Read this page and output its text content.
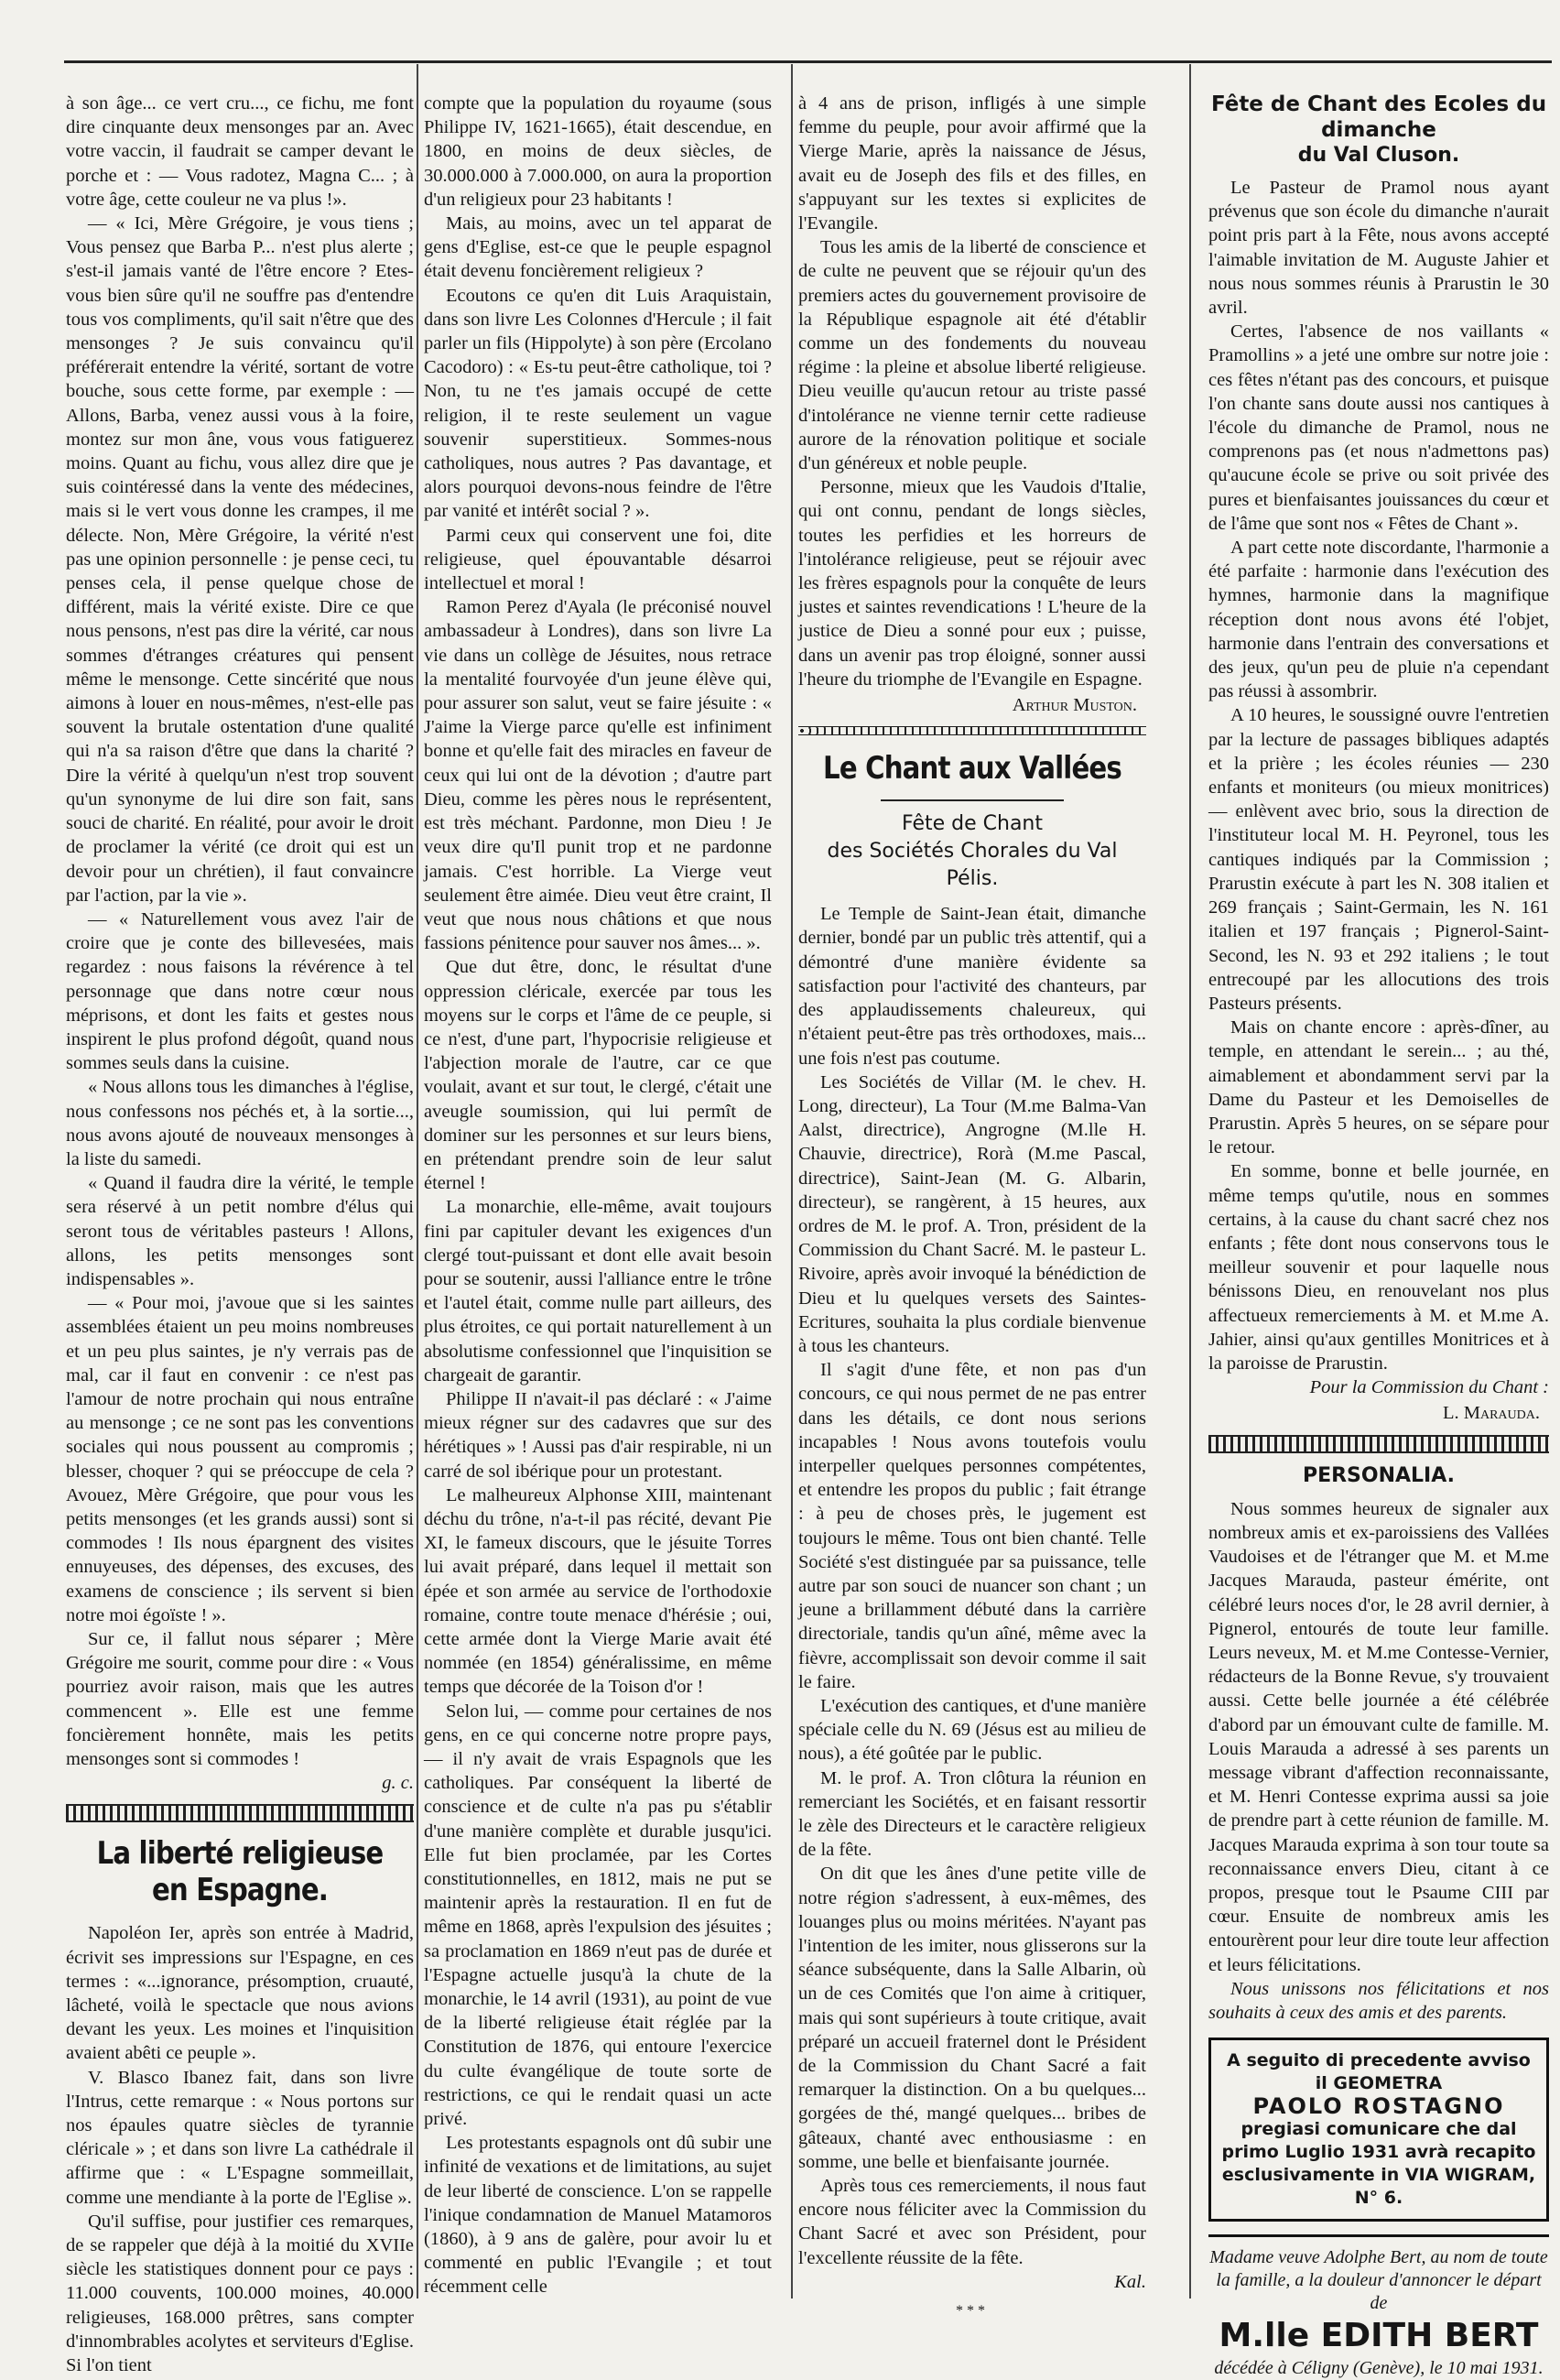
à son âge... ce vert cru..., ce fichu, me font dire cinquante deux mensonges par an. Avec votre vaccin, il faudrait se camper devant le porche et : — Vous radotez, Magna C... ; à votre âge, cette couleur ne va plus !».

— « Ici, Mère Grégoire, je vous tiens ; Vous pensez que Barba P... n'est plus alerte ; s'est-il jamais vanté de l'être encore ? Etes-vous bien sûre qu'il ne souffre pas d'entendre tous vos compliments, qu'il sait n'être que des mensonges ? Je suis convaincu qu'il préférerait entendre la vérité, sortant de votre bouche, sous cette forme, par exemple : — Allons, Barba, venez aussi vous à la foire, montez sur mon âne, vous vous fatiguerez moins. Quant au fichu, vous allez dire que je suis cointéressé dans la vente des médecines, mais si le vert vous donne les crampes, il me délecte. Non, Mère Grégoire, la vérité n'est pas une opinion personnelle : je pense ceci, tu penses cela, il pense quelque chose de différent, mais la vérité existe. Dire ce que nous pensons, n'est pas dire la vérité, car nous sommes d'étranges créatures qui pensent même le mensonge. Cette sincérité que nous aimons à louer en nous-mêmes, n'est-elle pas souvent la brutale ostentation d'une qualité qui n'a sa raison d'être que dans la charité ? Dire la vérité à quelqu'un n'est trop souvent qu'un synonyme de lui dire son fait, sans souci de charité. En réalité, pour avoir le droit de proclamer la vérité (ce droit qui est un devoir pour un chrétien), il faut convaincre par l'action, par la vie ».

— « Naturellement vous avez l'air de croire que je conte des billevesées, mais regardez : nous faisons la révérence à tel personnage que dans notre cœur nous méprisons, et dont les faits et gestes nous inspirent le plus profond dégoût, quand nous sommes seuls dans la cuisine.

« Nous allons tous les dimanches à l'église, nous confessons nos péchés et, à la sortie..., nous avons ajouté de nouveaux mensonges à la liste du samedi.

« Quand il faudra dire la vérité, le temple sera réservé à un petit nombre d'élus qui seront tous de véritables pasteurs ! Allons, allons, les petits mensonges sont indispensables ».

— « Pour moi, j'avoue que si les saintes assemblées étaient un peu moins nombreuses et un peu plus saintes, je n'y verrais pas de mal, car il faut en convenir : ce n'est pas l'amour de notre prochain qui nous entraîne au mensonge ; ce ne sont pas les conventions sociales qui nous poussent au compromis ; blesser, choquer ? qui se préoccupe de cela ? Avouez, Mère Grégoire, que pour vous les petits mensonges (et les grands aussi) sont si commodes ! Ils nous épargnent des visites ennuyeuses, des dépenses, des excuses, des examens de conscience ; ils servent si bien notre moi égoïste ! ».

Sur ce, il fallut nous séparer ; Mère Grégoire me sourit, comme pour dire : « Vous pourriez avoir raison, mais que les autres commencent ». Elle est une femme foncièrement honnête, mais les petits mensonges sont si commodes !

g. c.

La liberté religieuse en Espagne.

Napoléon Ier, après son entrée à Madrid, écrivit ses impressions sur l'Espagne, en ces termes : «...ignorance, présomption, cruauté, lâcheté, voilà le spectacle que nous avions devant les yeux. Les moines et l'inquisition avaient abêti ce peuple ».

V. Blasco Ibanez fait, dans son livre l'Intrus, cette remarque : « Nous portons sur nos épaules quatre siècles de tyrannie cléricale » ; et dans son livre La cathédrale il affirme que : « L'Espagne sommeillait, comme une mendiante à la porte de l'Eglise ».

Qu'il suffise, pour justifier ces remarques, de se rappeler que déjà à la moitié du XVIIe siècle les statistiques donnent pour ce pays : 11.000 couvents, 100.000 moines, 40.000 religieuses, 168.000 prêtres, sans compter d'innombrables acolytes et serviteurs d'Eglise. Si l'on tient

compte que la population du royaume (sous Philippe IV, 1621-1665), était descendue, en 1800, en moins de deux siècles, de 30.000.000 à 7.000.000, on aura la proportion d'un religieux pour 23 habitants !

Mais, au moins, avec un tel apparat de gens d'Eglise, est-ce que le peuple espagnol était devenu foncièrement religieux ?

Ecoutons ce qu'en dit Luis Araquistain, dans son livre Les Colonnes d'Hercule ; il fait parler un fils (Hippolyte) à son père (Ercolano Cacodoro) : « Es-tu peut-être catholique, toi ? Non, tu ne t'es jamais occupé de cette religion, il te reste seulement un vague souvenir superstitieux. Sommes-nous catholiques, nous autres ? Pas davantage, et alors pourquoi devons-nous feindre de l'être par vanité et intérêt social ? ».

Parmi ceux qui conservent une foi, dite religieuse, quel épouvantable désarroi intellectuel et moral !

Ramon Perez d'Ayala (le préconisé nouvel ambassadeur à Londres), dans son livre La vie dans un collège de Jésuites, nous retrace la mentalité fourvoyée d'un jeune élève qui, pour assurer son salut, veut se faire jésuite : « J'aime la Vierge parce qu'elle est infiniment bonne et qu'elle fait des miracles en faveur de ceux qui lui ont de la dévotion ; d'autre part Dieu, comme les pères nous le représentent, est très méchant. Pardonne, mon Dieu ! Je veux dire qu'Il punit trop et ne pardonne jamais. C'est horrible. La Vierge veut seulement être aimée. Dieu veut être craint, Il veut que nous nous châtions et que nous fassions pénitence pour sauver nos âmes... ».

Que dut être, donc, le résultat d'une oppression cléricale, exercée par tous les moyens sur le corps et l'âme de ce peuple, si ce n'est, d'une part, l'hypocrisie religieuse et l'abjection morale de l'autre, car ce que voulait, avant et sur tout, le clergé, c'était une aveugle soumission, qui lui permît de dominer sur les personnes et sur leurs biens, en prétendant prendre soin de leur salut éternel !

La monarchie, elle-même, avait toujours fini par capituler devant les exigences d'un clergé tout-puissant et dont elle avait besoin pour se soutenir, aussi l'alliance entre le trône et l'autel était, comme nulle part ailleurs, des plus étroites, ce qui portait naturellement à un absolutisme confessionnel que l'inquisition se chargeait de garantir.

Philippe II n'avait-il pas déclaré : « J'aime mieux régner sur des cadavres que sur des hérétiques » ! Aussi pas d'air respirable, ni un carré de sol ibérique pour un protestant.

Le malheureux Alphonse XIII, maintenant déchu du trône, n'a-t-il pas récité, devant Pie XI, le fameux discours, que le jésuite Torres lui avait préparé, dans lequel il mettait son épée et son armée au service de l'orthodoxie romaine, contre toute menace d'hérésie ; oui, cette armée dont la Vierge Marie avait été nommée (en 1854) généralissime, en même temps que décorée de la Toison d'or !

Selon lui, — comme pour certaines de nos gens, en ce qui concerne notre propre pays, — il n'y avait de vrais Espagnols que les catholiques. Par conséquent la liberté de conscience et de culte n'a pas pu s'établir d'une manière complète et durable jusqu'ici. Elle fut bien proclamée, par les Cortes constitutionnelles, en 1812, mais ne put se maintenir après la restauration. Il en fut de même en 1868, après l'expulsion des jésuites ; sa proclamation en 1869 n'eut pas de durée et l'Espagne actuelle jusqu'à la chute de la monarchie, le 14 avril (1931), au point de vue de la liberté religieuse était réglée par la Constitution de 1876, qui entoure l'exercice du culte évangélique de toute sorte de restrictions, ce qui le rendait quasi un acte privé.

Les protestants espagnols ont dû subir une infinité de vexations et de limitations, au sujet de leur liberté de conscience. L'on se rappelle l'inique condamnation de Manuel Matamoros (1860), à 9 ans de galère, pour avoir lu et commenté en public l'Evangile ; et tout récemment celle

à 4 ans de prison, infligés à une simple femme du peuple, pour avoir affirmé que la Vierge Marie, après la naissance de Jésus, avait eu de Joseph des fils et des filles, en s'appuyant sur les textes si explicites de l'Evangile.

Tous les amis de la liberté de conscience et de culte ne peuvent que se réjouir qu'un des premiers actes du gouvernement provisoire de la République espagnole ait été d'établir comme un des fondements du nouveau régime : la pleine et absolue liberté religieuse. Dieu veuille qu'aucun retour au triste passé d'intolérance ne vienne ternir cette radieuse aurore de la rénovation politique et sociale d'un généreux et noble peuple.

Personne, mieux que les Vaudois d'Italie, qui ont connu, pendant de longs siècles, toutes les perfidies et les horreurs de l'intolérance religieuse, peut se réjouir avec les frères espagnols pour la conquête de leurs justes et saintes revendications ! L'heure de la justice de Dieu a sonné pour eux ; puisse, dans un avenir pas trop éloigné, sonner aussi l'heure du triomphe de l'Evangile en Espagne.

Arthur Muston.

Le Chant aux Vallées
Fête de Chant
des Sociétés Chorales du Val Pélis.

Le Temple de Saint-Jean était, dimanche dernier, bondé par un public très attentif, qui a démontré d'une manière évidente sa satisfaction pour l'activité des chanteurs, par des applaudissements chaleureux, qui n'étaient peut-être pas très orthodoxes, mais... une fois n'est pas coutume.

Les Sociétés de Villar (M. le chev. H. Long, directeur), La Tour (M.me Balma-Van Aalst, directrice), Angrogne (M.lle H. Chauvie, directrice), Rorà (M.me Pascal, directrice), Saint-Jean (M. G. Albarin, directeur), se rangèrent, à 15 heures, aux ordres de M. le prof. A. Tron, président de la Commission du Chant Sacré. M. le pasteur L. Rivoire, après avoir invoqué la bénédiction de Dieu et lu quelques versets des Saintes-Ecritures, souhaita la plus cordiale bienvenue à tous les chanteurs.

Il s'agit d'une fête, et non pas d'un concours, ce qui nous permet de ne pas entrer dans les détails, ce dont nous serions incapables ! Nous avons toutefois voulu interpeller quelques personnes compétentes, et entendre les propos du public ; fait étrange : à peu de choses près, le jugement est toujours le même. Tous ont bien chanté. Telle Société s'est distinguée par sa puissance, telle autre par son souci de nuancer son chant ; un jeune a brillamment débuté dans la carrière directoriale, tandis qu'un aîné, même avec la fièvre, accomplissait son devoir comme il sait le faire.

L'exécution des cantiques, et d'une manière spéciale celle du N. 69 (Jésus est au milieu de nous), a été goûtée par le public.

M. le prof. A. Tron clôtura la réunion en remerciant les Sociétés, et en faisant ressortir le zèle des Directeurs et le caractère religieux de la fête.

On dit que les ânes d'une petite ville de notre région s'adressent, à eux-mêmes, des louanges plus ou moins méritées. N'ayant pas l'intention de les imiter, nous glisserons sur la séance subséquente, dans la Salle Albarin, où un de ces Comités que l'on aime à critiquer, mais qui sont supérieurs à toute critique, avait préparé un accueil fraternel dont le Président de la Commission du Chant Sacré a fait remarquer la distinction. On a bu quelques... gorgées de thé, mangé quelques... bribes de gâteaux, chanté avec enthousiasme : en somme, une belle et bienfaisante journée.

Après tous ces remerciements, il nous faut encore nous féliciter avec la Commission du Chant Sacré et avec son Président, pour l'excellente réussite de la fête.

Kal.

***
Fête de Chant des Ecoles du dimanche
du Val Cluson.

Le Pasteur de Pramol nous ayant prévenus que son école du dimanche n'aurait point pris part à la Fête, nous avons accepté l'aimable invitation de M. Auguste Jahier et nous nous sommes réunis à Prarustin le 30 avril.

Certes, l'absence de nos vaillants « Pramollins » a jeté une ombre sur notre joie : ces fêtes n'étant pas des concours, et puisque l'on chante sans doute aussi nos cantiques à l'école du dimanche de Pramol, nous ne comprenons pas (et nous n'admettons pas) qu'aucune école se prive ou soit privée des pures et bienfaisantes jouissances du cœur et de l'âme que sont nos « Fêtes de Chant ».

A part cette note discordante, l'harmonie a été parfaite : harmonie dans l'exécution des hymnes, harmonie dans la magnifique réception dont nous avons été l'objet, harmonie dans l'entrain des conversations et des jeux, qu'un peu de pluie n'a cependant pas réussi à assombrir.

A 10 heures, le soussigné ouvre l'entretien par la lecture de passages bibliques adaptés et la prière ; les écoles réunies — 230 enfants et moniteurs (ou mieux monitrices) — enlèvent avec brio, sous la direction de l'instituteur local M. H. Peyronel, tous les cantiques indiqués par la Commission ; Prarustin exécute à part les N. 308 italien et 269 français ; Saint-Germain, les N. 161 italien et 197 français ; Pignerol-Saint-Second, les N. 93 et 292 italiens ; le tout entrecoupé par les allocutions des trois Pasteurs présents.

Mais on chante encore : après-dîner, au temple, en attendant le serein... ; au thé, aimablement et abondamment servi par la Dame du Pasteur et les Demoiselles de Prarustin. Après 5 heures, on se sépare pour le retour.

En somme, bonne et belle journée, en même temps qu'utile, nous en sommes certains, à la cause du chant sacré chez nos enfants ; fête dont nous conservons tous le meilleur souvenir et pour laquelle nous bénissons Dieu, en renouvelant nos plus affectueux remerciements à M. et M.me A. Jahier, ainsi qu'aux gentilles Monitrices et à la paroisse de Prarustin.

Pour la Commission du Chant :

L. Marauda.

PERSONALIA.

Nous sommes heureux de signaler aux nombreux amis et ex-paroissiens des Vallées Vaudoises et de l'étranger que M. et M.me Jacques Marauda, pasteur émérite, ont célébré leurs noces d'or, le 28 avril dernier, à Pignerol, entourés de toute leur famille. Leurs neveux, M. et M.me Contesse-Vernier, rédacteurs de la Bonne Revue, s'y trouvaient aussi. Cette belle journée a été célébrée d'abord par un émouvant culte de famille. M. Louis Marauda a adressé à ses parents un message vibrant d'affection reconnaissante, et M. Henri Contesse exprima aussi sa joie de prendre part à cette réunion de famille. M. Jacques Marauda exprima à son tour toute sa reconnaissance envers Dieu, citant à ce propos, presque tout le Psaume CIII par cœur. Ensuite de nombreux amis les entourèrent pour leur dire toute leur affection et leurs félicitations.

Nous unissons nos félicitations et nos souhaits à ceux des amis et des parents.

A seguito di precedente avviso
il GEOMETRA
PAOLO ROSTAGNO
pregiasi comunicare che dal primo Luglio 1931 avrà recapito esclusivamente in VIA WIGRAM, N° 6.
Madame veuve Adolphe Bert, au nom de toute la famille, a la douleur d'annoncer le départ de
M.lle EDITH BERT
décédée à Céligny (Genève), le 10 mai 1931.
